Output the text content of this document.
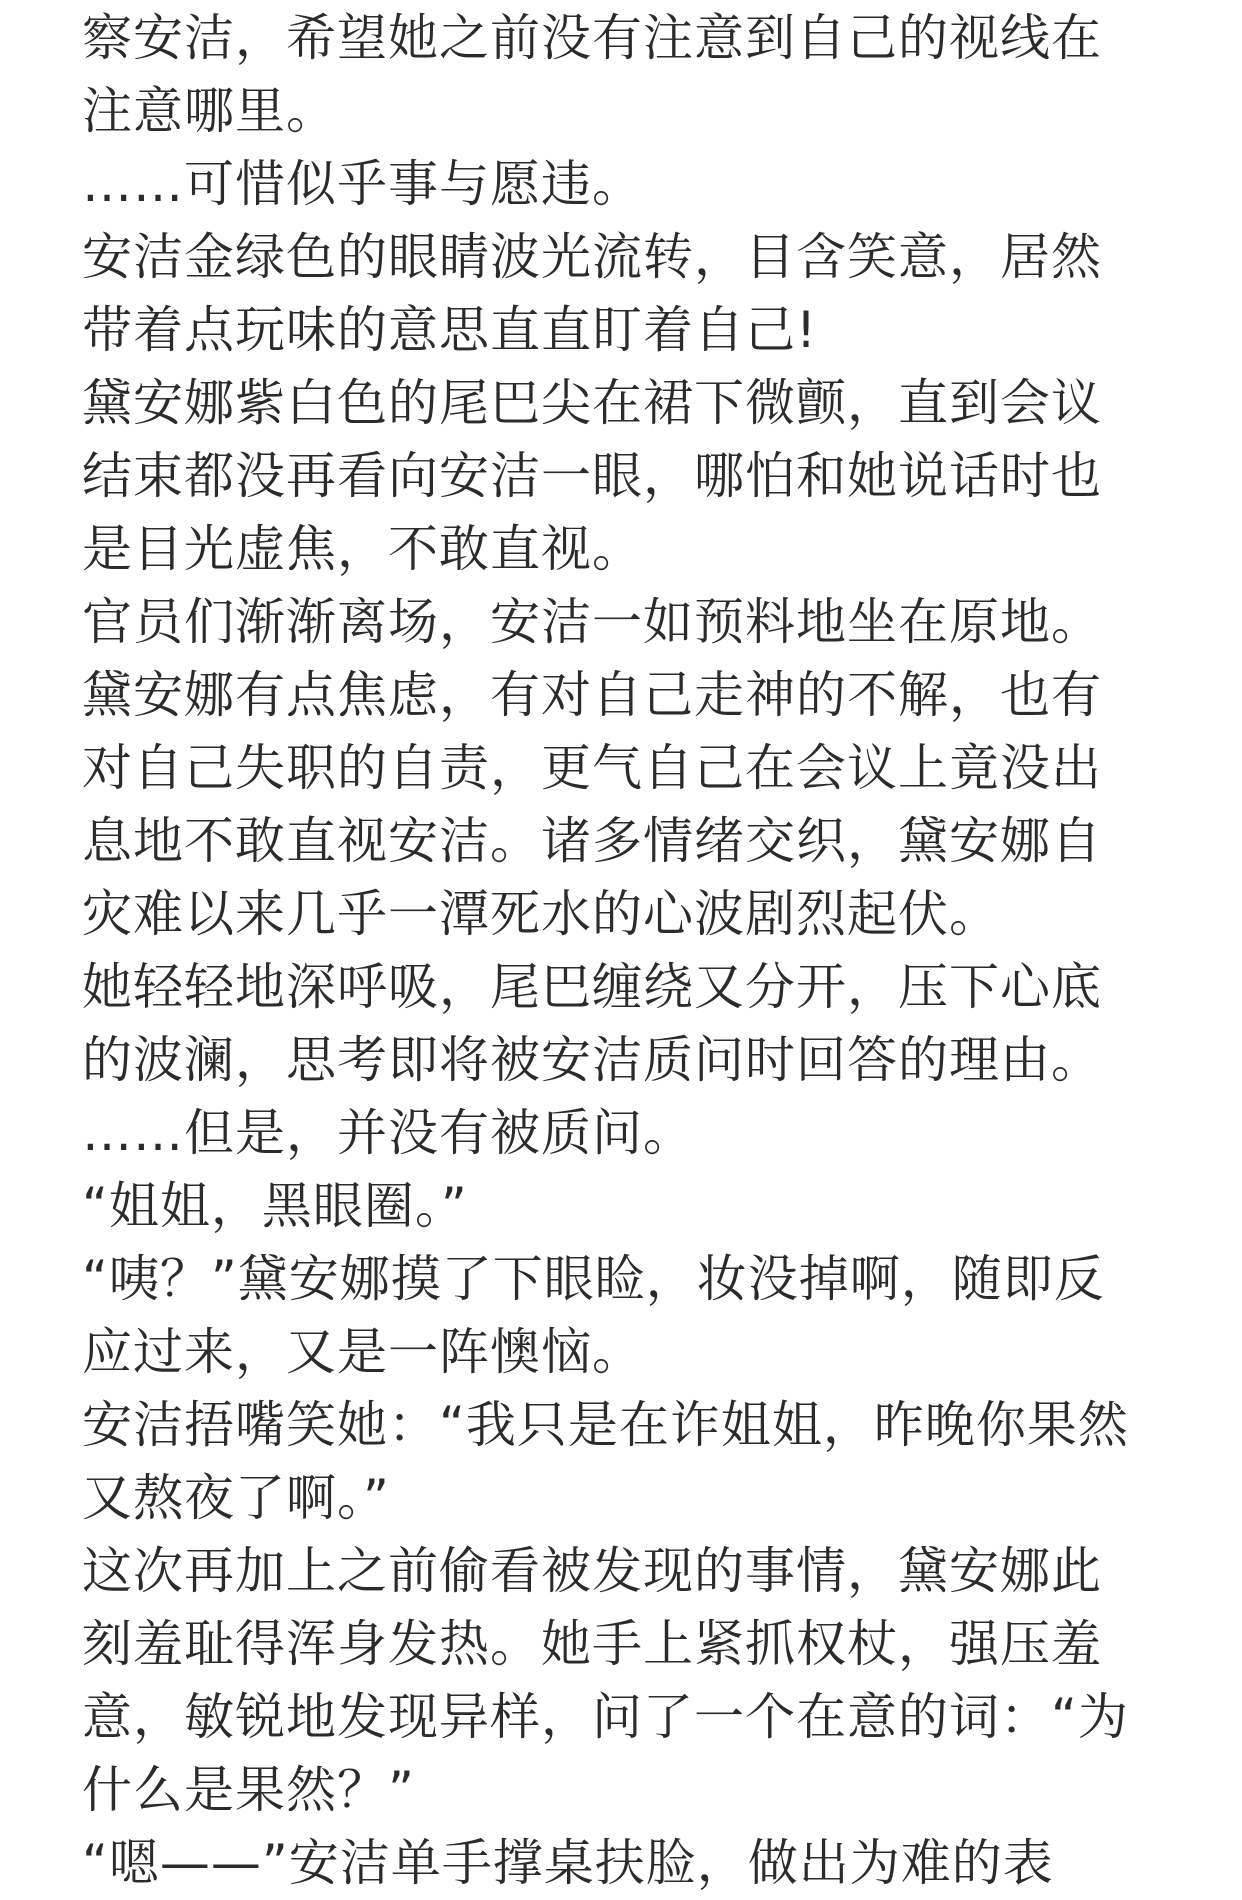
察安洁，希望她之前没有注意到自己的视线在
注意哪里。
……可惜似乎事与愿违。
安洁金绿色的眼睛波光流转，目含笑意，居然
带着点玩味的意思直直盯着自己!
黛安娜紫白色的尾巴尖在裙下微颤，直到会议
结束都没再看向安洁一眼，哪怕和她说话时也
是目光虚焦，不敢直视。
官员们渐渐离场，安洁一如预料地坐在原地。
黛安娜有点焦虑，有对自己走神的不解，也有
对自己失职的自责，更气自己在会议上竟没出
息地不敢直视安洁。诸多情绪交织，黛安娜自
灾难以来几乎一潭死水的心波剧烈起伏。
她轻轻地深呼吸，尾巴缠绕又分开，压下心底
的波澜，思考即将被安洁质问时回答的理由。
……但是，并没有被质问。
“姐姐，黑眼圈。”
“咦？”黛安娜摸了下眼睑，妆没掉啊，随即反
应过来，又是一阵懊恼。
安洁捂嘴笑她：“我只是在诈姐姐，昨晚你果然
又熬夜了啊。”
这次再加上之前偷看被发现的事情，黛安娜此
刻羞耻得浑身发热。她手上紧抓权杖，强压羞
意，敏锐地发现异样，问了一个在意的词：“为
什么是果然？”
“嗯——”安洁单手撑桌扶脸，做出为难的表
